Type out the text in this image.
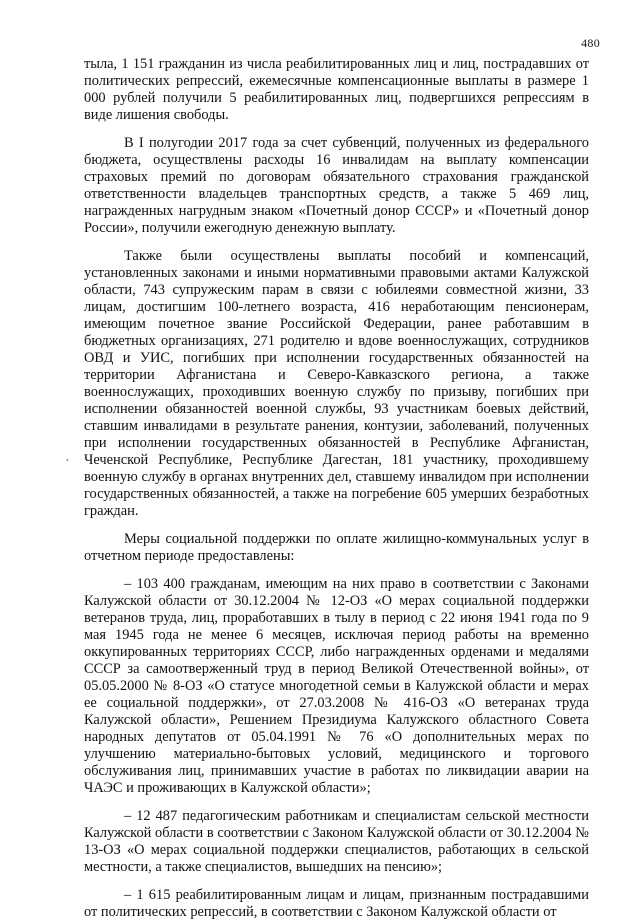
480
•

тыла, 1 151 гражданин из числа реабилитированных лиц и лиц, пострадавших от политических репрессий, ежемесячные компенсационные выплаты в размере 1 000 рублей получили 5 реабилитированных лиц, подвергшихся репрессиям в виде лишения свободы.

В I полугодии 2017 года за счет субвенций, полученных из федерального бюджета, осуществлены расходы 16 инвалидам на выплату компенсации страховых премий по договорам обязательного страхования гражданской ответственности владельцев транспортных средств, а также 5 469 лиц, награжденных нагрудным знаком «Почетный донор СССР» и «Почетный донор России», получили ежегодную денежную выплату.

Также были осуществлены выплаты пособий и компенсаций, установленных законами и иными нормативными правовыми актами Калужской области, 743 супружеским парам в связи с юбилеями совместной жизни, 33 лицам, достигшим 100-летнего возраста, 416 неработающим пенсионерам, имеющим почетное звание Российской Федерации, ранее работавшим в бюджетных организациях, 271 родителю и вдове военнослужащих, сотрудников ОВД и УИС, погибших при исполнении государственных обязанностей на территории Афганистана и Северо-Кавказского региона, а также военнослужащих, проходивших военную службу по призыву, погибших при исполнении обязанностей военной службы, 93 участникам боевых действий, ставшим инвалидами в результате ранения, контузии, заболеваний, полученных при исполнении государственных обязанностей в Республике Афганистан, Чеченской Республике, Республике Дагестан, 181 участнику, проходившему военную службу в органах внутренних дел, ставшему инвалидом при исполнении государственных обязанностей, а также на погребение 605 умерших безработных граждан.

Меры социальной поддержки по оплате жилищно-коммунальных услуг в отчетном периоде предоставлены:

– 103 400 гражданам, имеющим на них право в соответствии с Законами Калужской области от 30.12.2004 № 12-ОЗ «О мерах социальной поддержки ветеранов труда, лиц, проработавших в тылу в период с 22 июня 1941 года по 9 мая 1945 года не менее 6 месяцев, исключая период работы на временно оккупированных территориях СССР, либо награжденных орденами и медалями СССР за самоотверженный труд в период Великой Отечественной войны», от 05.05.2000 № 8-ОЗ «О статусе многодетной семьи в Калужской области и мерах ее социальной поддержки», от 27.03.2008 № 416-ОЗ «О ветеранах труда Калужской области», Решением Президиума Калужского областного Совета народных депутатов от 05.04.1991 № 76 «О дополнительных мерах по улучшению материально-бытовых условий, медицинского и торгового обслуживания лиц, принимавших участие в работах по ликвидации аварии на ЧАЭС и проживающих в Калужской области»;

– 12 487 педагогическим работникам и специалистам сельской местности Калужской области в соответствии с Законом Калужской области от 30.12.2004 № 13-ОЗ «О мерах социальной поддержки специалистов, работающих в сельской местности, а также специалистов, вышедших на пенсию»;

– 1 615 реабилитированным лицам и лицам, признанным пострадавшими от политических репрессий, в соответствии с Законом Калужской области от
